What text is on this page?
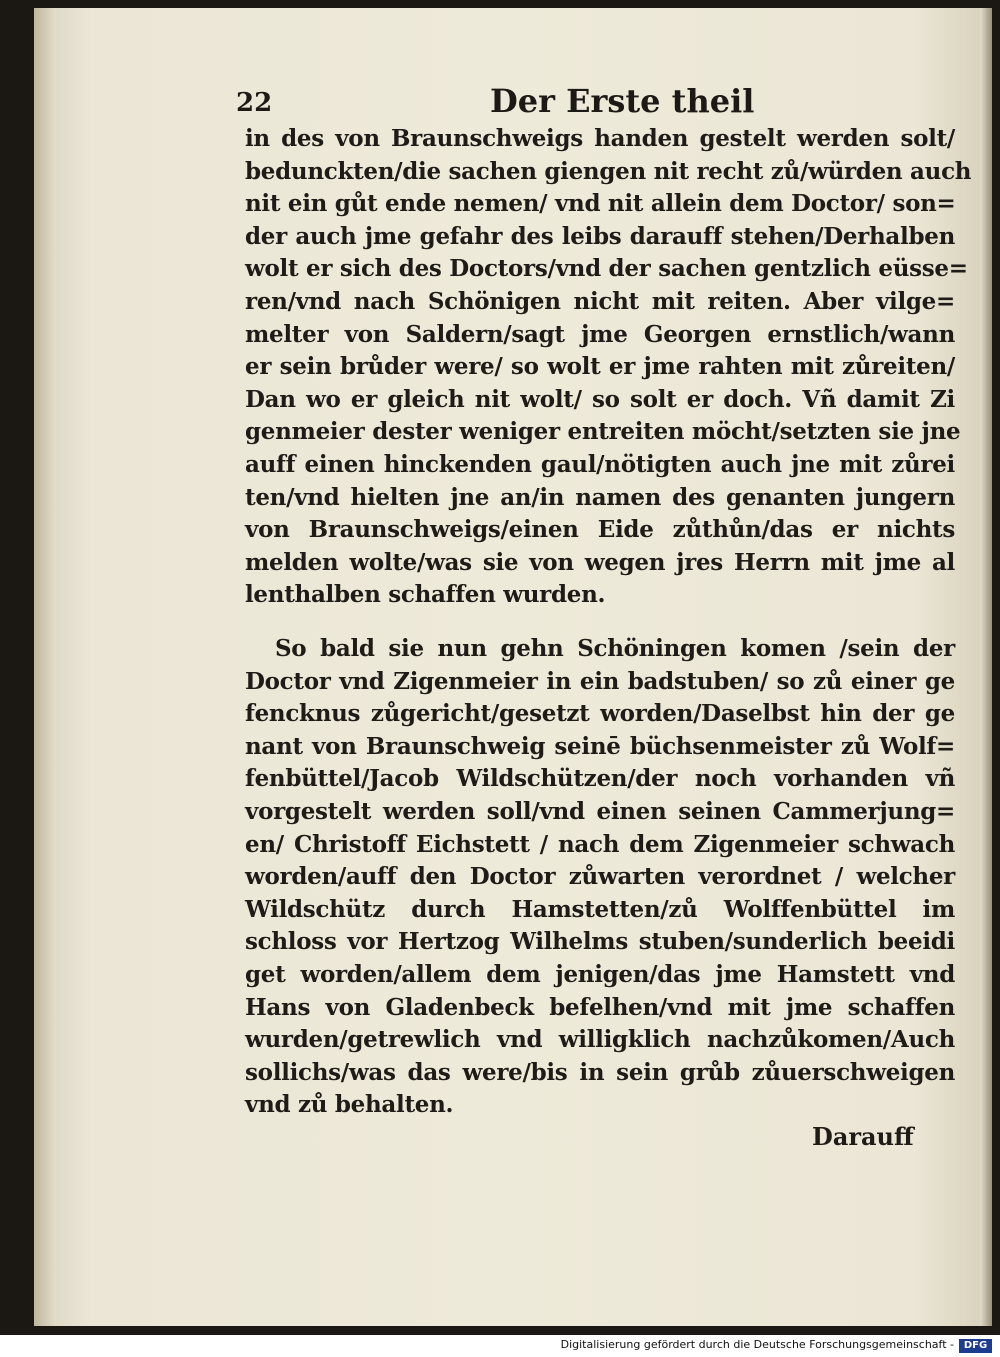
22	Der Erste theil
in des von Braunschweigs handen gestelt werden solt/
bedunckten/die sachen giengen nit recht zů/würden auch
nit ein gůt ende nemen/ vnd nit allein dem Doctor/ son=
der auch jme gefahr des leibs darauff stehen/Derhalben
wolt er sich des Doctors/vnd der sachen gentzlich eüsse=
ren/vnd nach Schönigen nicht mit reiten. Aber vilge=
melter von Saldern/sagt jme Georgen ernstlich/wann
er sein brůder were/ so wolt er jme rahten mit zůreiten/
Dan wo er gleich nit wolt/ so solt er doch. Vñ damit Zi
genmeier dester weniger entreiten möcht/setzten sie jne
auff einen hinckenden gaul/nötigten auch jne mit zůrei
ten/vnd hielten jne an/in namen des genanten jungern
von Braunschweigs/einen Eide zůthůn/das er nichts
melden wolte/was sie von wegen jres Herrn mit jme al
lenthalben schaffen wurden.
So bald sie nun gehn Schöningen komen /sein der
Doctor vnd Zigenmeier in ein badstuben/ so zů einer ge
fencknus zůgericht/gesetzt worden/Daselbst hin der ge
nant von Braunschweig seinē büchsenmeister zů Wolf=
fenbüttel/Jacob Wildschützen/der noch vorhanden vñ
vorgestelt werden soll/vnd einen seinen Cammerjung=
en/ Christoff Eichstett / nach dem Zigenmeier schwach
worden/auff den Doctor zůwarten verordnet / welcher
Wildschütz durch Hamstetten/zů Wolffenbüttel im
schloss vor Hertzog Wilhelms stuben/sunderlich beeidi
get worden/allem dem jenigen/das jme Hamstett vnd
Hans von Gladenbeck befelhen/vnd mit jme schaffen
wurden/getrewlich vnd willigklich nachzůkomen/Auch
sollichs/was das were/bis in sein grůb zůuerschweigen
vnd zů behalten.
Darauff
Digitalisierung gefördert durch die Deutsche Forschungsgemeinschaft - DFG
